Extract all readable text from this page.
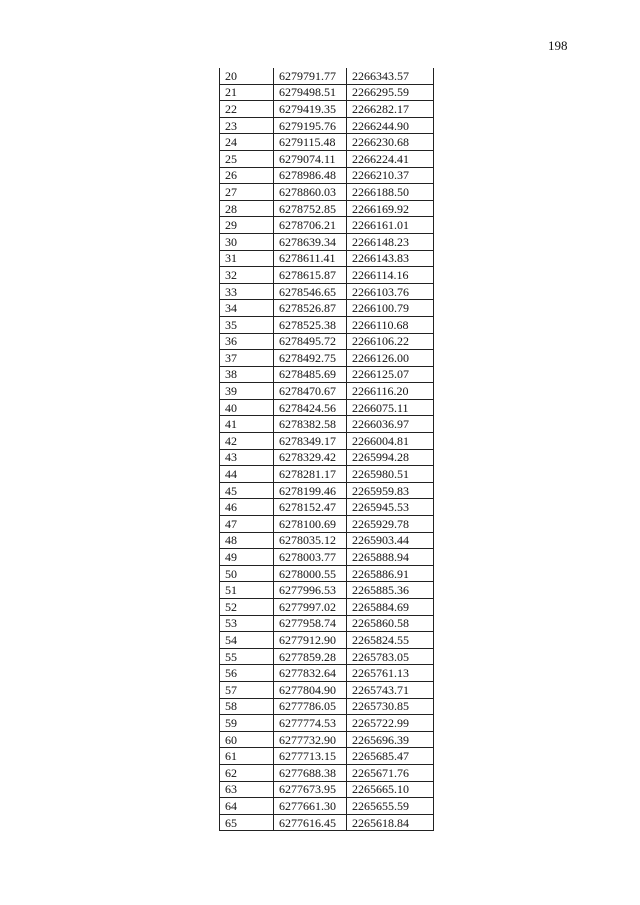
198
20	6279791.77	2266343.57
21	6279498.51	2266295.59
22	6279419.35	2266282.17
23	6279195.76	2266244.90
24	6279115.48	2266230.68
25	6279074.11	2266224.41
26	6278986.48	2266210.37
27	6278860.03	2266188.50
28	6278752.85	2266169.92
29	6278706.21	2266161.01
30	6278639.34	2266148.23
31	6278611.41	2266143.83
32	6278615.87	2266114.16
33	6278546.65	2266103.76
34	6278526.87	2266100.79
35	6278525.38	2266110.68
36	6278495.72	2266106.22
37	6278492.75	2266126.00
38	6278485.69	2266125.07
39	6278470.67	2266116.20
40	6278424.56	2266075.11
41	6278382.58	2266036.97
42	6278349.17	2266004.81
43	6278329.42	2265994.28
44	6278281.17	2265980.51
45	6278199.46	2265959.83
46	6278152.47	2265945.53
47	6278100.69	2265929.78
48	6278035.12	2265903.44
49	6278003.77	2265888.94
50	6278000.55	2265886.91
51	6277996.53	2265885.36
52	6277997.02	2265884.69
53	6277958.74	2265860.58
54	6277912.90	2265824.55
55	6277859.28	2265783.05
56	6277832.64	2265761.13
57	6277804.90	2265743.71
58	6277786.05	2265730.85
59	6277774.53	2265722.99
60	6277732.90	2265696.39
61	6277713.15	2265685.47
62	6277688.38	2265671.76
63	6277673.95	2265665.10
64	6277661.30	2265655.59
65	6277616.45	2265618.84
